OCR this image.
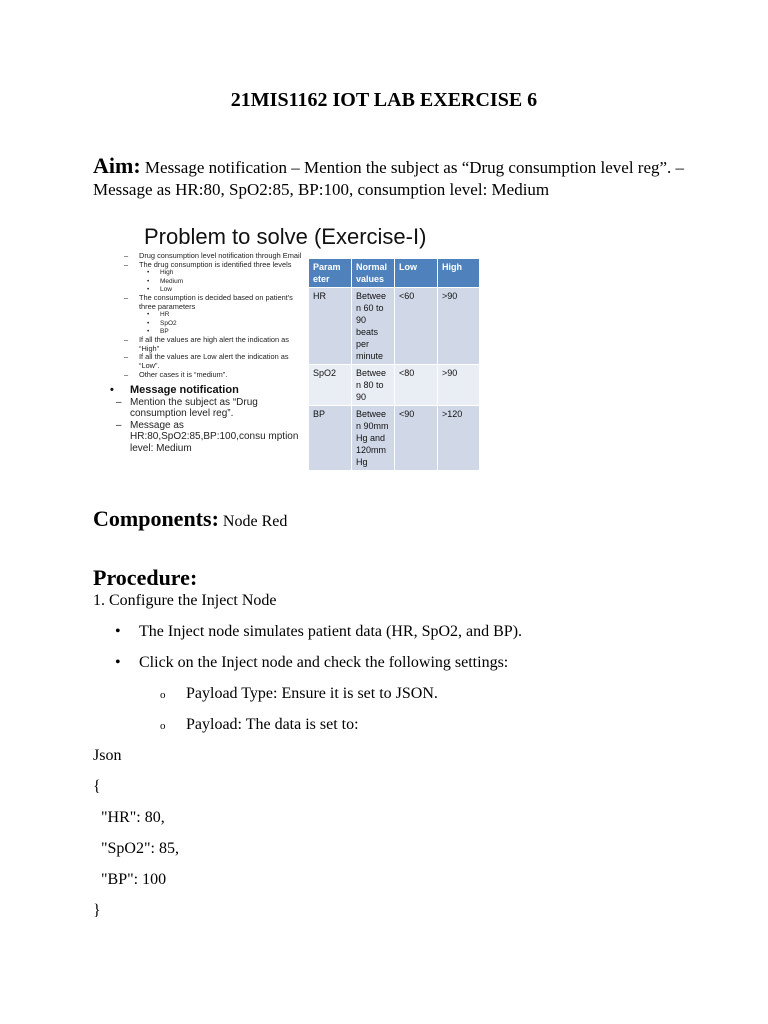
21MIS1162 IOT LAB EXERCISE 6
Aim: Message notification – Mention the subject as “Drug consumption level reg”. – Message as HR:80, SpO2:85, BP:100, consumption level: Medium
Problem to solve (Exercise-I)
– Drug consumption level notification through Email
– The drug consumption is identified three levels
• High
• Medium
• Low
– The consumption is decided based on patient's three parameters
• HR
• SpO2
• BP
– If all the values are high alert the indication as “High”
– If all the values are Low alert the indication as “Low”.
– Other cases it is “medium”.
• Message notification
– Mention the subject as “Drug consumption level reg”.
– Message as HR:80,SpO2:85,BP:100,consu mption level: Medium
Param eter	Normal values	Low	High
HR	Betwee n 60 to 90 beats per minute	<60	>90
SpO2	Betwee n 80 to 90	<80	>90
BP	Betwee n 90mm Hg and 120mm Hg	<90	>120
Components: Node Red
Procedure:
1. Configure the Inject Node
• The Inject node simulates patient data (HR, SpO2, and BP).
• Click on the Inject node and check the following settings:
o Payload Type: Ensure it is set to JSON.
o Payload: The data is set to:
Json
{
"HR": 80,
"SpO2": 85,
"BP": 100
}
